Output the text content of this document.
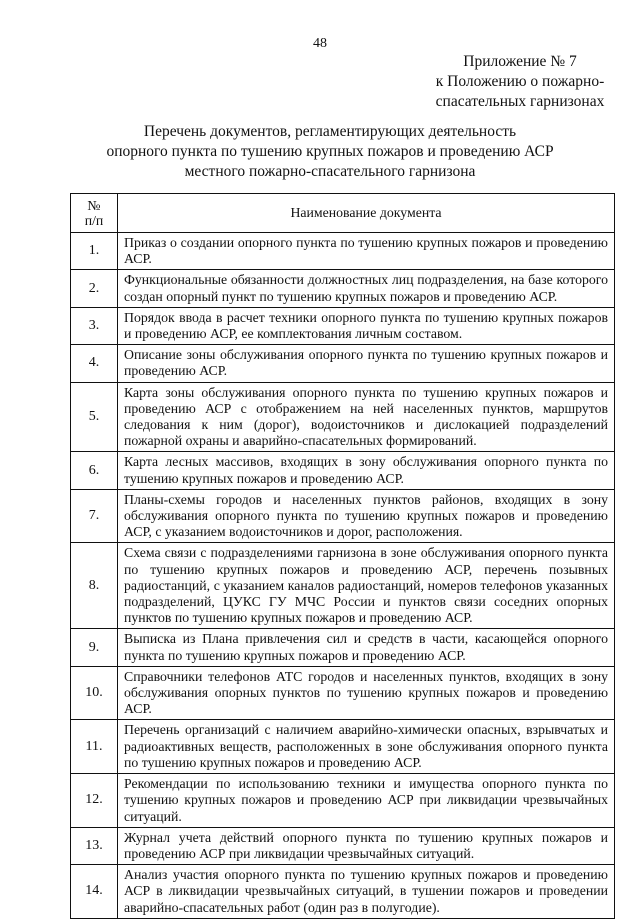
48
Приложение № 7
к Положению о пожарно-
спасательных гарнизонах
Перечень документов, регламентирующих деятельность
опорного пункта по тушению крупных пожаров и проведению АСР
местного пожарно-спасательного гарнизона
№
п/п	Наименование документа
1.	Приказ о создании опорного пункта по тушению крупных пожаров и проведению АСР.
2.	Функциональные обязанности должностных лиц подразделения, на базе которого создан опорный пункт по тушению крупных пожаров и проведению АСР.
3.	Порядок ввода в расчет техники опорного пункта по тушению крупных пожаров и проведению АСР, ее комплектования личным составом.
4.	Описание зоны обслуживания опорного пункта по тушению крупных пожаров и проведению АСР.
5.	Карта зоны обслуживания опорного пункта по тушению крупных пожаров и проведению АСР с отображением на ней населенных пунктов, маршрутов следования к ним (дорог), водоисточников и дислокацией подразделений пожарной охраны и аварийно-спасательных формирований.
6.	Карта лесных массивов, входящих в зону обслуживания опорного пункта по тушению крупных пожаров и проведению АСР.
7.	Планы-схемы городов и населенных пунктов районов, входящих в зону обслуживания опорного пункта по тушению крупных пожаров и проведению АСР, с указанием водоисточников и дорог, расположения.
8.	Схема связи с подразделениями гарнизона в зоне обслуживания опорного пункта по тушению крупных пожаров и проведению АСР, перечень позывных радиостанций, с указанием каналов радиостанций, номеров телефонов указанных подразделений, ЦУКС ГУ МЧС России и пунктов связи соседних опорных пунктов по тушению крупных пожаров и проведению АСР.
9.	Выписка из Плана привлечения сил и средств в части, касающейся опорного пункта по тушению крупных пожаров и проведению АСР.
10.	Справочники телефонов АТС городов и населенных пунктов, входящих в зону обслуживания опорных пунктов по тушению крупных пожаров и проведению АСР.
11.	Перечень организаций с наличием аварийно-химически опасных, взрывчатых и радиоактивных веществ, расположенных в зоне обслуживания опорного пункта по тушению крупных пожаров и проведению АСР.
12.	Рекомендации по использованию техники и имущества опорного пункта по тушению крупных пожаров и проведению АСР при ликвидации чрезвычайных ситуаций.
13.	Журнал учета действий опорного пункта по тушению крупных пожаров и проведению АСР при ликвидации чрезвычайных ситуаций.
14.	Анализ участия опорного пункта по тушению крупных пожаров и проведению АСР в ликвидации чрезвычайных ситуаций, в тушении пожаров и проведении аварийно-спасательных работ (один раз в полугодие).
